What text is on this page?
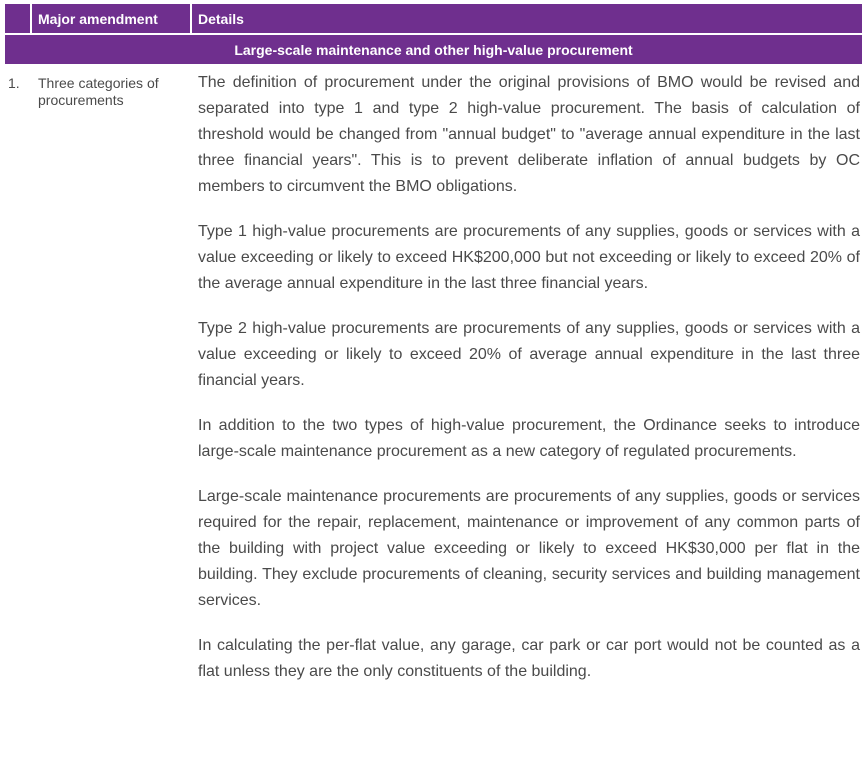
Major amendment	Details
Large-scale maintenance and other high-value procurement
1.	Three categories of procurements

The definition of procurement under the original provisions of BMO would be revised and separated into type 1 and type 2 high-value procurement. The basis of calculation of threshold would be changed from "annual budget" to "average annual expenditure in the last three financial years". This is to prevent deliberate inflation of annual budgets by OC members to circumvent the BMO obligations.

Type 1 high-value procurements are procurements of any supplies, goods or services with a value exceeding or likely to exceed HK$200,000 but not exceeding or likely to exceed 20% of the average annual expenditure in the last three financial years.

Type 2 high-value procurements are procurements of any supplies, goods or services with a value exceeding or likely to exceed 20% of average annual expenditure in the last three financial years.

In addition to the two types of high-value procurement, the Ordinance seeks to introduce large-scale maintenance procurement as a new category of regulated procurements.

Large-scale maintenance procurements are procurements of any supplies, goods or services required for the repair, replacement, maintenance or improvement of any common parts of the building with project value exceeding or likely to exceed HK$30,000 per flat in the building. They exclude procurements of cleaning, security services and building management services.

In calculating the per-flat value, any garage, car park or car port would not be counted as a flat unless they are the only constituents of the building.
